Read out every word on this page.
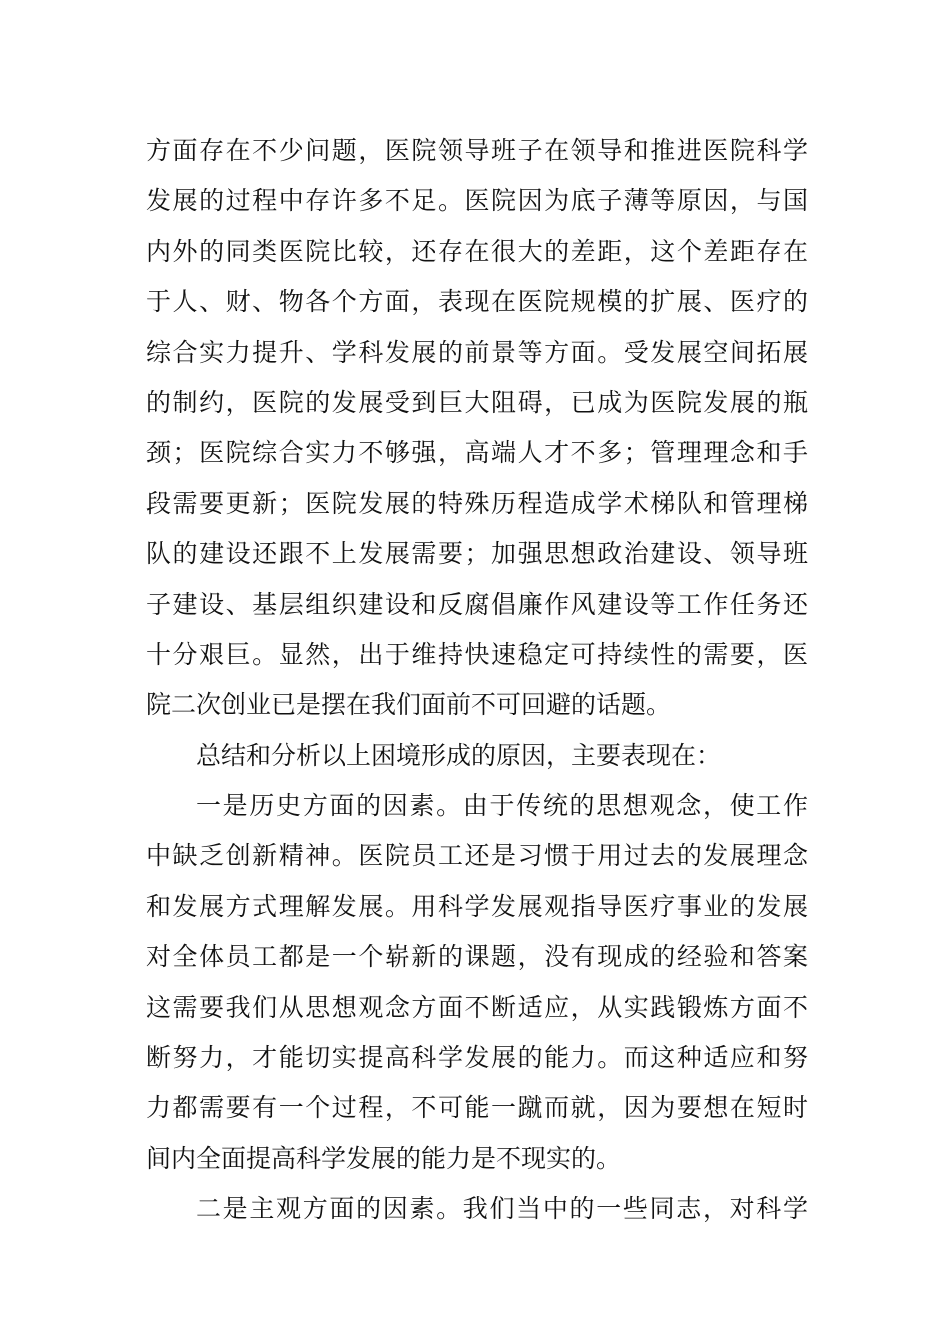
方面存在不少问题，医院领导班子在领导和推进医院科学
发展的过程中存许多不足。医院因为底子薄等原因，与国
内外的同类医院比较，还存在很大的差距，这个差距存在
于人、财、物各个方面，表现在医院规模的扩展、医疗的
综合实力提升、学科发展的前景等方面。受发展空间拓展
的制约，医院的发展受到巨大阻碍，已成为医院发展的瓶
颈；医院综合实力不够强，高端人才不多；管理理念和手
段需要更新；医院发展的特殊历程造成学术梯队和管理梯
队的建设还跟不上发展需要；加强思想政治建设、领导班
子建设、基层组织建设和反腐倡廉作风建设等工作任务还
十分艰巨。显然，出于维持快速稳定可持续性的需要，医
院二次创业已是摆在我们面前不可回避的话题。
总结和分析以上困境形成的原因，主要表现在：
一是历史方面的因素。由于传统的思想观念，使工作
中缺乏创新精神。医院员工还是习惯于用过去的发展理念
和发展方式理解发展。用科学发展观指导医疗事业的发展
对全体员工都是一个崭新的课题，没有现成的经验和答案
这需要我们从思想观念方面不断适应，从实践锻炼方面不
断努力，才能切实提高科学发展的能力。而这种适应和努
力都需要有一个过程，不可能一蹴而就，因为要想在短时
间内全面提高科学发展的能力是不现实的。
二是主观方面的因素。我们当中的一些同志，对科学
